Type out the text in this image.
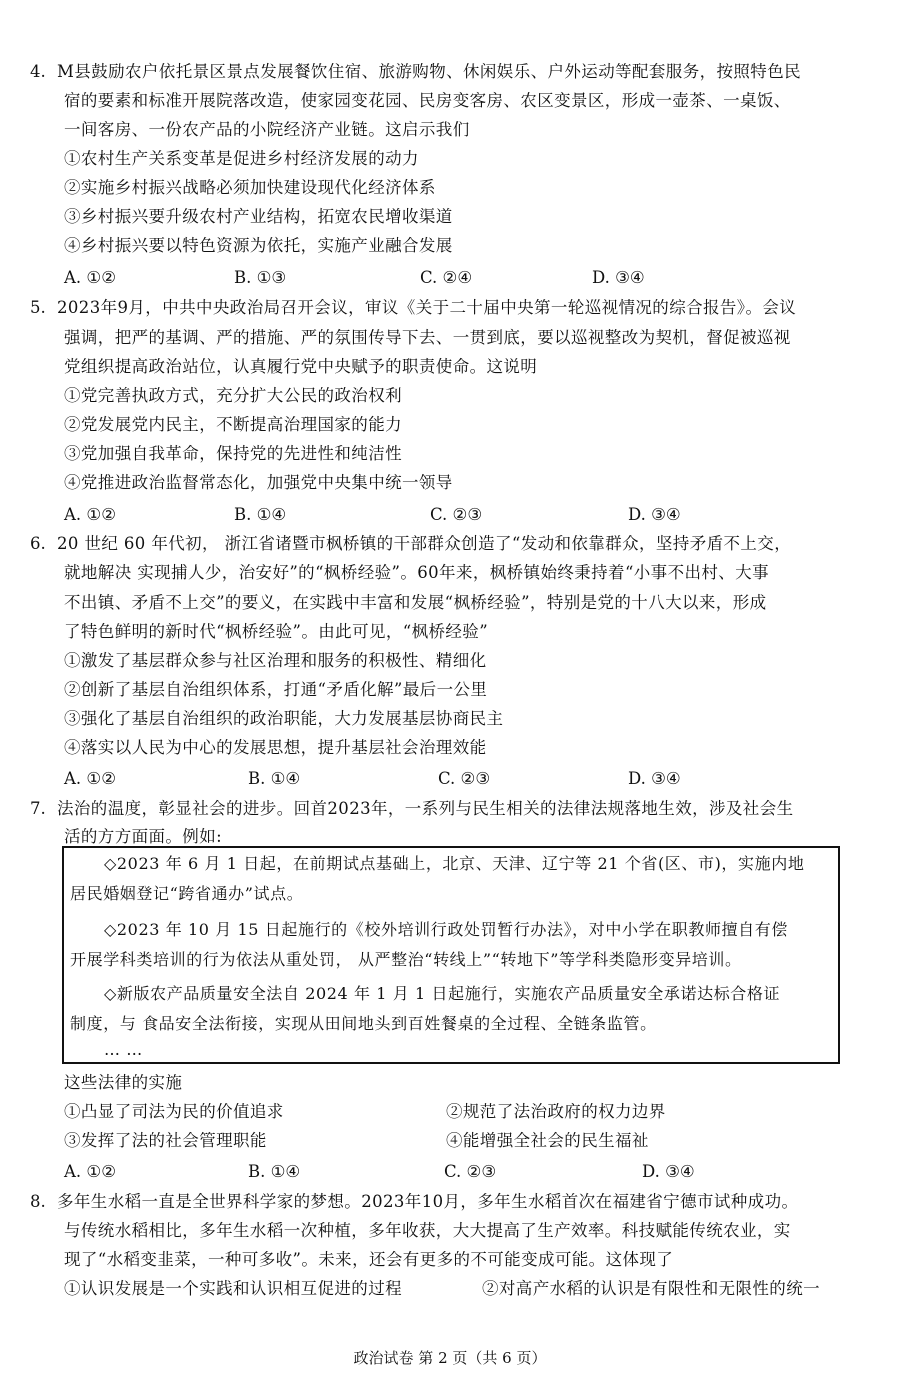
4. M县鼓励农户依托景区景点发展餐饮住宿、旅游购物、休闲娱乐、户外运动等配套服务，按照特色民
宿的要素和标准开展院落改造，使家园变花园、民房变客房、农区变景区，形成一壶茶、一桌饭、
一间客房、一份农产品的小院经济产业链。这启示我们
①农村生产关系变革是促进乡村经济发展的动力
②实施乡村振兴战略必须加快建设现代化经济体系
③乡村振兴要升级农村产业结构，拓宽农民增收渠道
④乡村振兴要以特色资源为依托，实施产业融合发展
A. ①②	B. ①③	C. ②④	D. ③④
5. 2023年9月，中共中央政治局召开会议，审议《关于二十届中央第一轮巡视情况的综合报告》。会议
强调，把严的基调、严的措施、严的氛围传导下去、一贯到底，要以巡视整改为契机，督促被巡视
党组织提高政治站位，认真履行党中央赋予的职责使命。这说明
①党完善执政方式，充分扩大公民的政治权利
②党发展党内民主，不断提高治理国家的能力
③党加强自我革命，保持党的先进性和纯洁性
④党推进政治监督常态化，加强党中央集中统一领导
A. ①②	B. ①④	C. ②③	D. ③④
6. 20 世纪 60 年代初， 浙江省诸暨市枫桥镇的干部群众创造了“发动和依靠群众，坚持矛盾不上交，
就地解决 实现捕人少，治安好”的“枫桥经验”。60年来，枫桥镇始终秉持着“小事不出村、大事
不出镇、矛盾不上交”的要义，在实践中丰富和发展“枫桥经验”，特别是党的十八大以来，形成
了特色鲜明的新时代“枫桥经验”。由此可见，“枫桥经验”
①激发了基层群众参与社区治理和服务的积极性、精细化
②创新了基层自治组织体系，打通“矛盾化解”最后一公里
③强化了基层自治组织的政治职能，大力发展基层协商民主
④落实以人民为中心的发展思想，提升基层社会治理效能
A. ①②	B. ①④	C. ②③	D. ③④
7. 法治的温度，彰显社会的进步。回首2023年，一系列与民生相关的法律法规落地生效，涉及社会生
活的方方面面。例如:
◇2023 年 6 月 1 日起，在前期试点基础上，北京、天津、辽宁等 21 个省(区、市)，实施内地
居民婚姻登记“跨省通办”试点。
◇2023 年 10 月 15 日起施行的《校外培训行政处罚暂行办法》，对中小学在职教师擅自有偿
开展学科类培训的行为依法从重处罚， 从严整治“转线上”“转地下”等学科类隐形变异培训。
◇新版农产品质量安全法自 2024 年 1 月 1 日起施行，实施农产品质量安全承诺达标合格证
制度，与 食品安全法衔接，实现从田间地头到百姓餐桌的全过程、全链条监管。
… …
这些法律的实施
①凸显了司法为民的价值追求	②规范了法治政府的权力边界
③发挥了法的社会管理职能	④能增强全社会的民生福祉
A. ①②	B. ①④	C. ②③	D. ③④
8. 多年生水稻一直是全世界科学家的梦想。2023年10月，多年生水稻首次在福建省宁德市试种成功。
与传统水稻相比，多年生水稻一次种植，多年收获，大大提高了生产效率。科技赋能传统农业，实
现了“水稻变韭菜，一种可多收”。未来，还会有更多的不可能变成可能。这体现了
①认识发展是一个实践和认识相互促进的过程	②对高产水稻的认识是有限性和无限性的统一
政治试卷 第 2 页（共 6 页）
